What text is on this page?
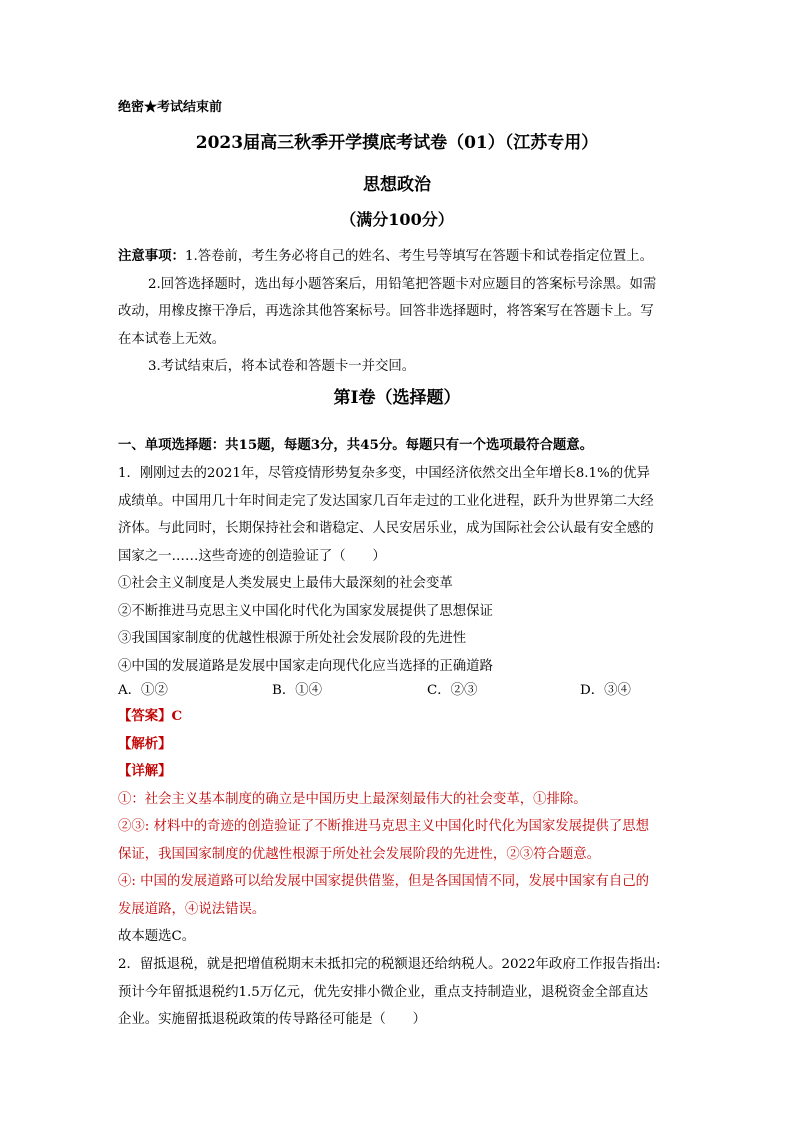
绝密★考试结束前
2023届高三秋季开学摸底考试卷（01）（江苏专用）
思想政治
（满分100分）
注意事项：1.答卷前，考生务必将自己的姓名、考生号等填写在答题卡和试卷指定位置上。
2.回答选择题时，选出每小题答案后，用铅笔把答题卡对应题目的答案标号涂黑。如需
改动，用橡皮擦干净后，再选涂其他答案标号。回答非选择题时，将答案写在答题卡上。写
在本试卷上无效。
3.考试结束后，将本试卷和答题卡一并交回。
第I卷（选择题）
一、单项选择题：共15题，每题3分，共45分。每题只有一个选项最符合题意。
1．刚刚过去的2021年，尽管疫情形势复杂多变，中国经济依然交出全年增长8.1%的优异
成绩单。中国用几十年时间走完了发达国家几百年走过的工业化进程，跃升为世界第二大经
济体。与此同时，长期保持社会和谐稳定、人民安居乐业，成为国际社会公认最有安全感的
国家之一……这些奇迹的创造验证了（　　）
①社会主义制度是人类发展史上最伟大最深刻的社会变革
②不断推进马克思主义中国化时代化为国家发展提供了思想保证
③我国国家制度的优越性根源于所处社会发展阶段的先进性
④中国的发展道路是发展中国家走向现代化应当选择的正确道路
A．①②	B．①④	C．②③	D．③④
【答案】C
【解析】
【详解】
①：社会主义基本制度的确立是中国历史上最深刻最伟大的社会变革，①排除。
②③: 材料中的奇迹的创造验证了不断推进马克思主义中国化时代化为国家发展提供了思想
保证，我国国家制度的优越性根源于所处社会发展阶段的先进性，②③符合题意。
④: 中国的发展道路可以给发展中国家提供借鉴，但是各国国情不同，发展中国家有自己的
发展道路，④说法错误。
故本题选C。
2．留抵退税，就是把增值税期末未抵扣完的税额退还给纳税人。2022年政府工作报告指出:
预计今年留抵退税约1.5万亿元，优先安排小微企业，重点支持制造业，退税资金全部直达
企业。实施留抵退税政策的传导路径可能是（　　）
